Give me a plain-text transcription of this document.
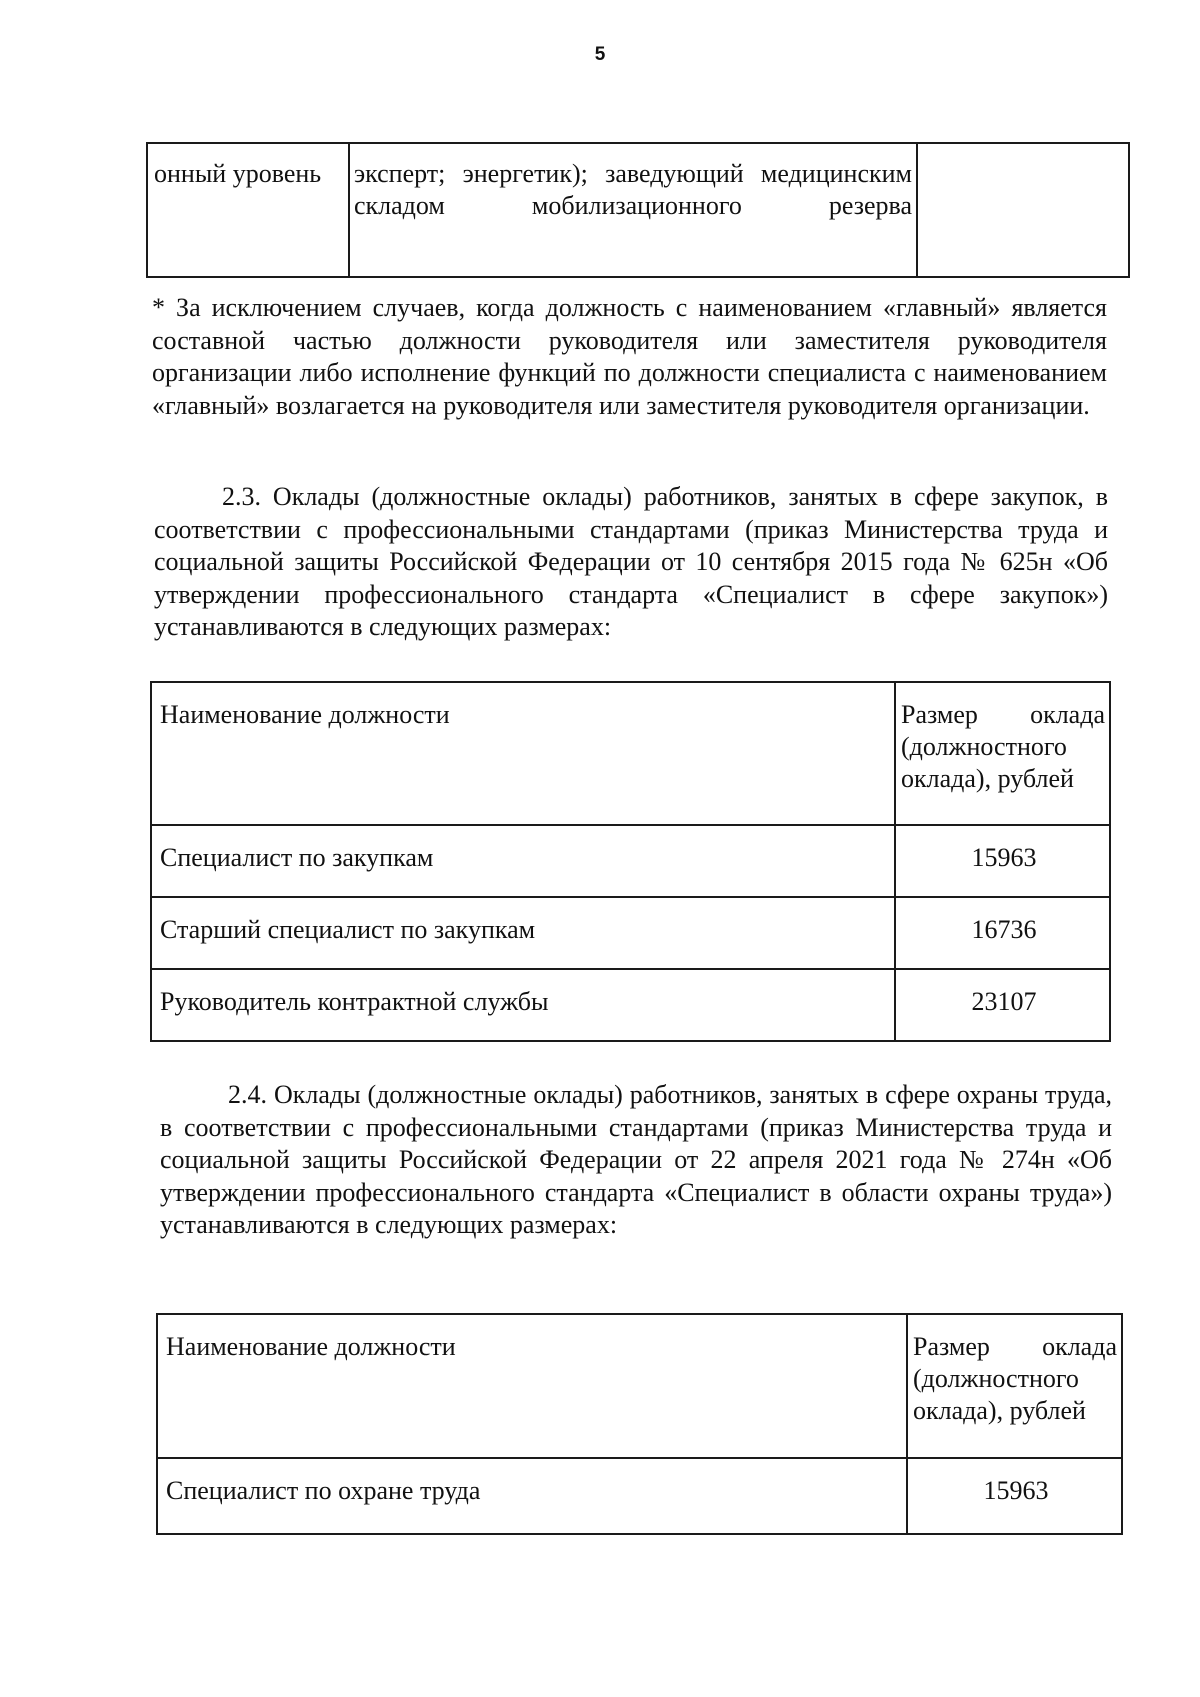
5
онный уровень	эксперт; энергетик); заведующий медицинским складом мобилизационного резерва	

* За исключением случаев, когда должность с наименованием «главный» является составной частью должности руководителя или заместителя руководителя организации либо исполнение функций по должности специалиста с наименованием «главный» возлагается на руководителя или заместителя руководителя организации.

2.3. Оклады (должностные оклады) работников, занятых в сфере закупок, в соответствии с профессиональными стандартами (приказ Министерства труда и социальной защиты Российской Федерации от 10 сентября 2015 года № 625н «Об утверждении профессионального стандарта «Специалист в сфере закупок») устанавливаются в следующих размерах:

Наименование должности	Размер оклада
(должностного оклада), рублей

Специалист по закупкам	15963
Старший специалист по закупкам	16736
Руководитель контрактной службы	23107

2.4. Оклады (должностные оклады) работников, занятых в сфере охраны труда, в соответствии с профессиональными стандартами (приказ Министерства труда и социальной защиты Российской Федерации от 22 апреля 2021 года № 274н «Об утверждении профессионального стандарта «Специалист в области охраны труда») устанавливаются в следующих размерах:

Наименование должности	Размер оклада
(должностного оклада), рублей

Специалист по охране труда	15963
